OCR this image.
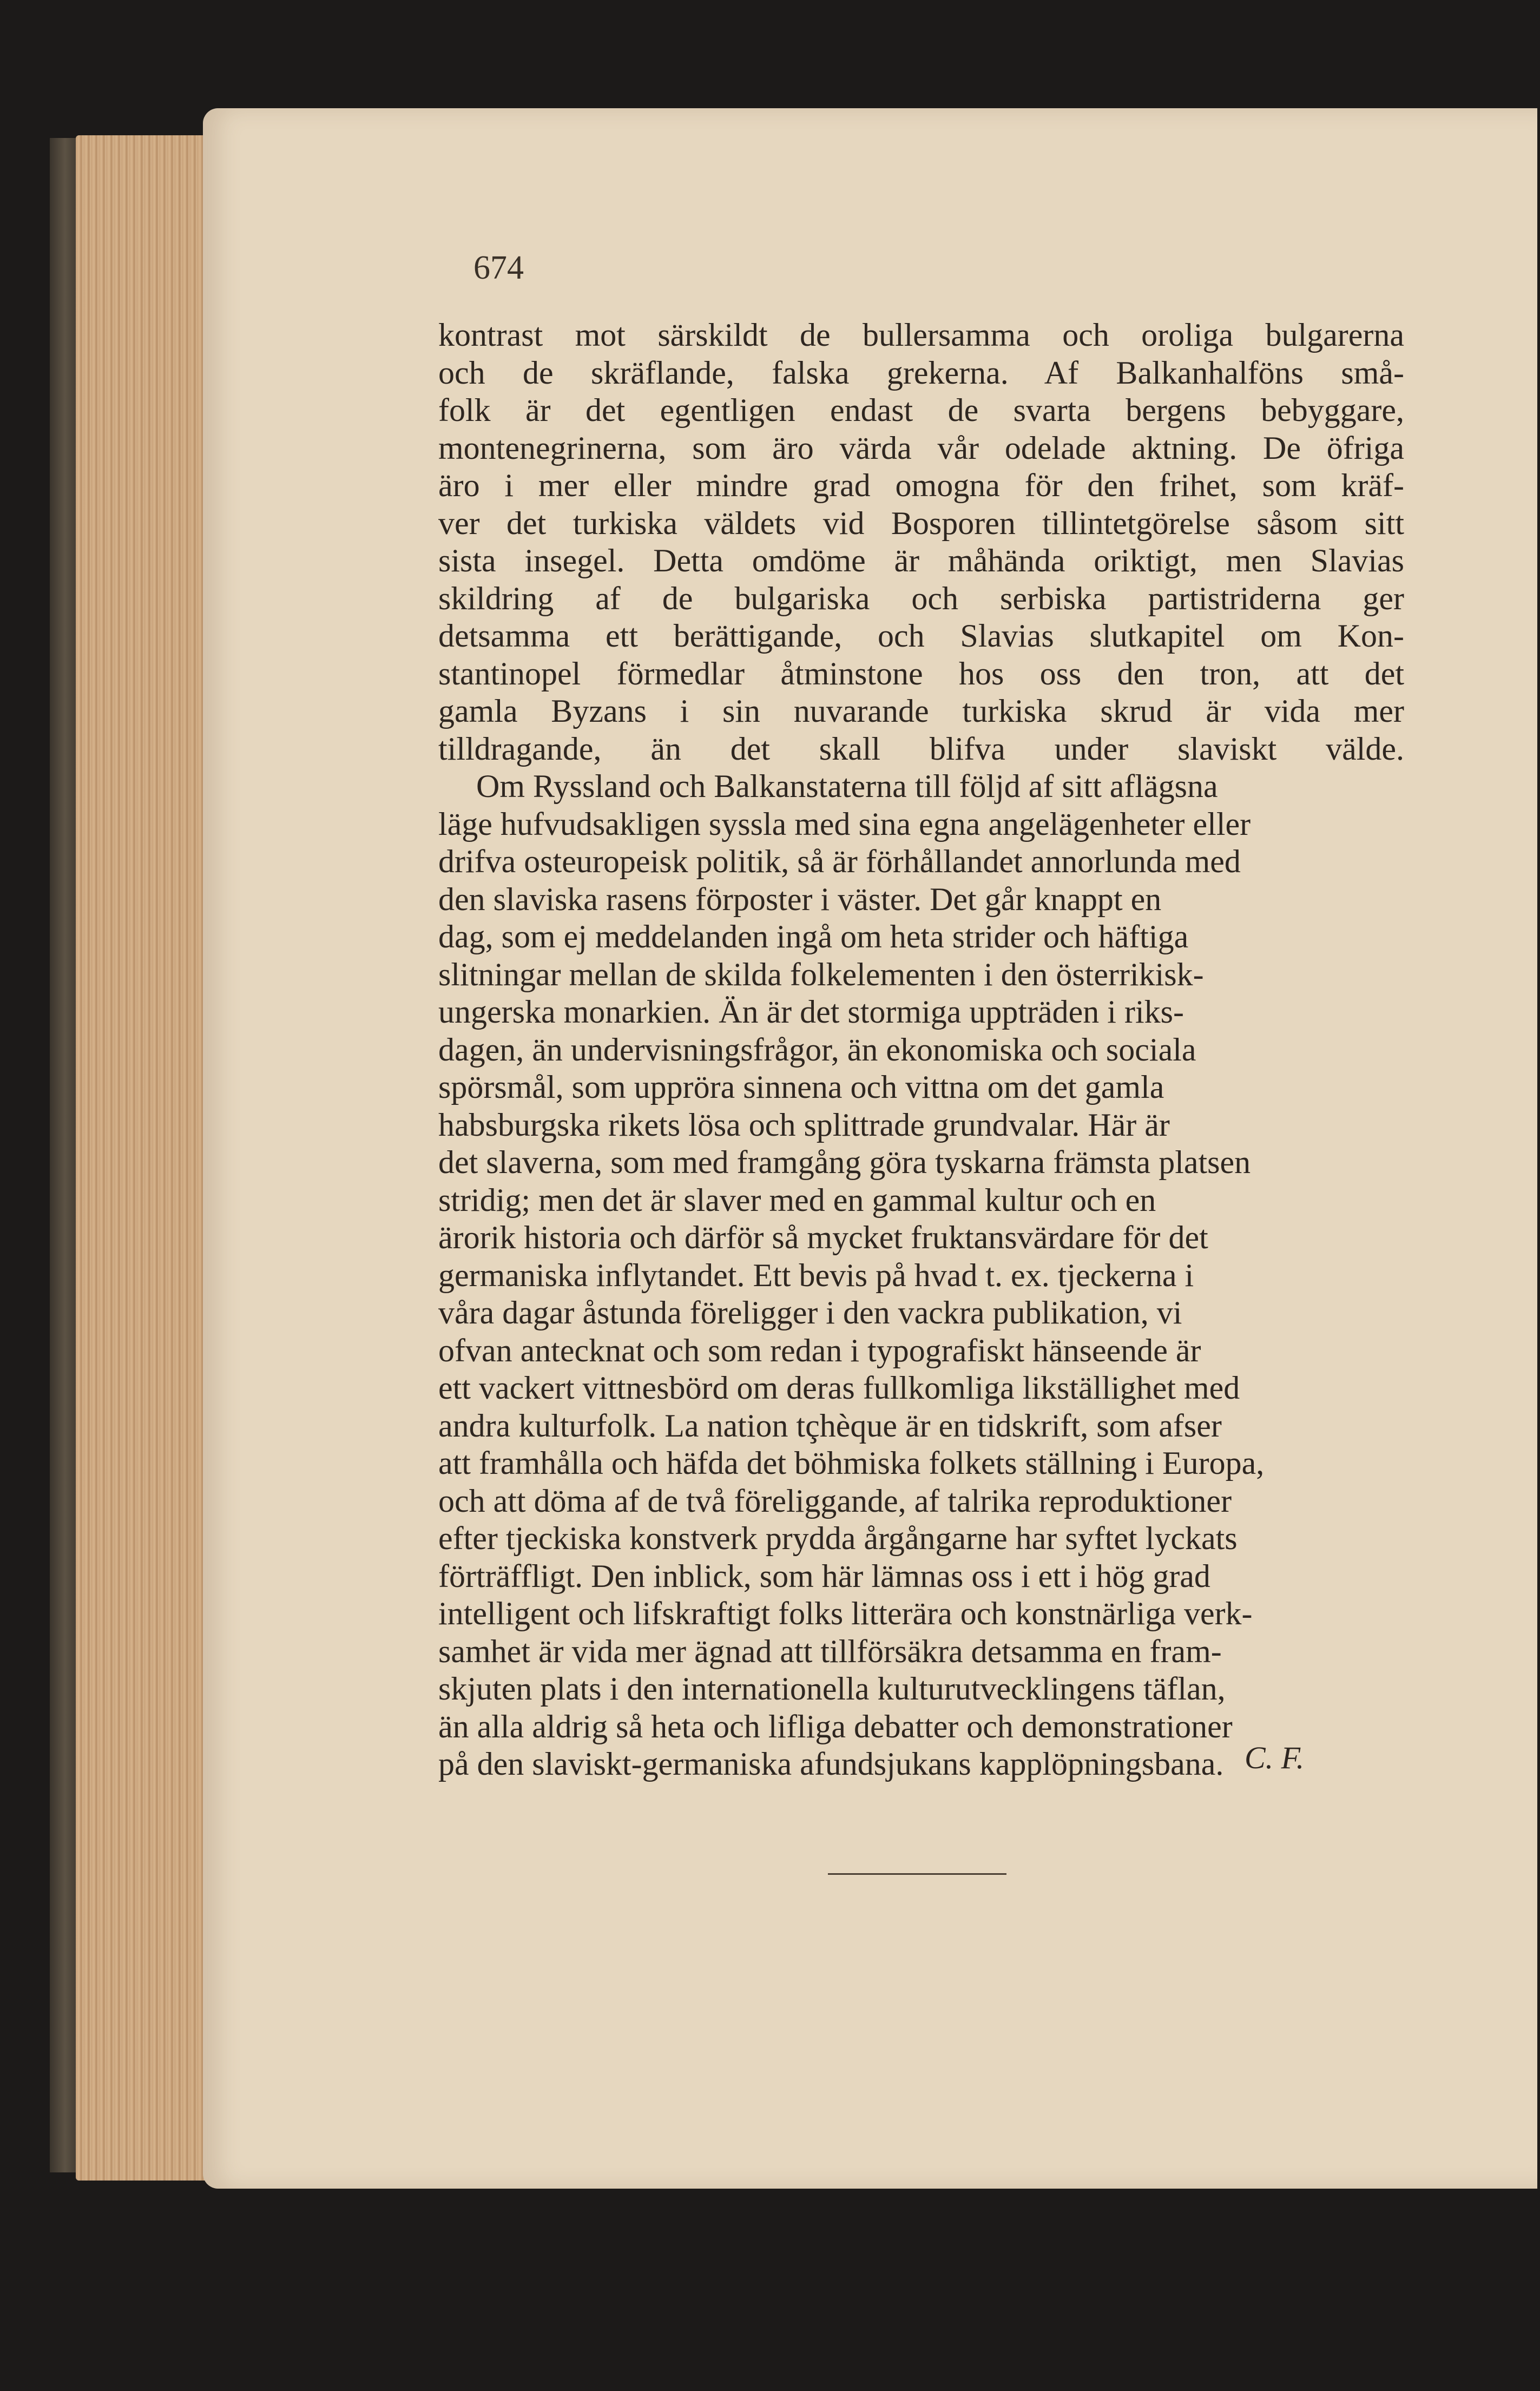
674

kontrast mot särskildt de bullersamma och oroliga bulgarerna
och de skräflande, falska grekerna. Af Balkanhalföns små-
folk är det egentligen endast de svarta bergens bebyggare,
montenegrinerna, som äro värda vår odelade aktning. De öfriga
äro i mer eller mindre grad omogna för den frihet, som kräf-
ver det turkiska väldets vid Bosporen tillintetgörelse såsom sitt
sista insegel. Detta omdöme är måhända oriktigt, men Slavias
skildring af de bulgariska och serbiska partistriderna ger
detsamma ett berättigande, och Slavias slutkapitel om Kon-
stantinopel förmedlar åtminstone hos oss den tron, att det
gamla Byzans i sin nuvarande turkiska skrud är vida mer
tilldragande, än det skall blifva under slaviskt välde.

Om Ryssland och Balkanstaterna till följd af sitt aflägsna
läge hufvudsakligen syssla med sina egna angelägenheter eller
drifva osteuropeisk politik, så är förhållandet annorlunda med
den slaviska rasens förposter i väster. Det går knappt en
dag, som ej meddelanden ingå om heta strider och häftiga
slitningar mellan de skilda folkelementen i den österrikisk-
ungerska monarkien. Än är det stormiga uppträden i riks-
dagen, än undervisningsfrågor, än ekonomiska och sociala
spörsmål, som uppröra sinnena och vittna om det gamla
habsburgska rikets lösa och splittrade grundvalar. Här är
det slaverna, som med framgång göra tyskarna främsta platsen
stridig; men det är slaver med en gammal kultur och en
ärorik historia och därför så mycket fruktansvärdare för det
germaniska inflytandet. Ett bevis på hvad t. ex. tjeckerna i
våra dagar åstunda föreligger i den vackra publikation, vi
ofvan antecknat och som redan i typografiskt hänseende är
ett vackert vittnesbörd om deras fullkomliga likställighet med
andra kulturfolk. La nation tçhèque är en tidskrift, som afser
att framhålla och häfda det böhmiska folkets ställning i Europa,
och att döma af de två föreliggande, af talrika reproduktioner
efter tjeckiska konstverk prydda årgångarne har syftet lyckats
förträffligt. Den inblick, som här lämnas oss i ett i hög grad
intelligent och lifskraftigt folks litterära och konstnärliga verk-
samhet är vida mer ägnad att tillförsäkra detsamma en fram-
skjuten plats i den internationella kulturutvecklingens täflan,
än alla aldrig så heta och lifliga debatter och demonstrationer
på den slaviskt-germaniska afundsjukans kapplöpningsbana. C. F.
